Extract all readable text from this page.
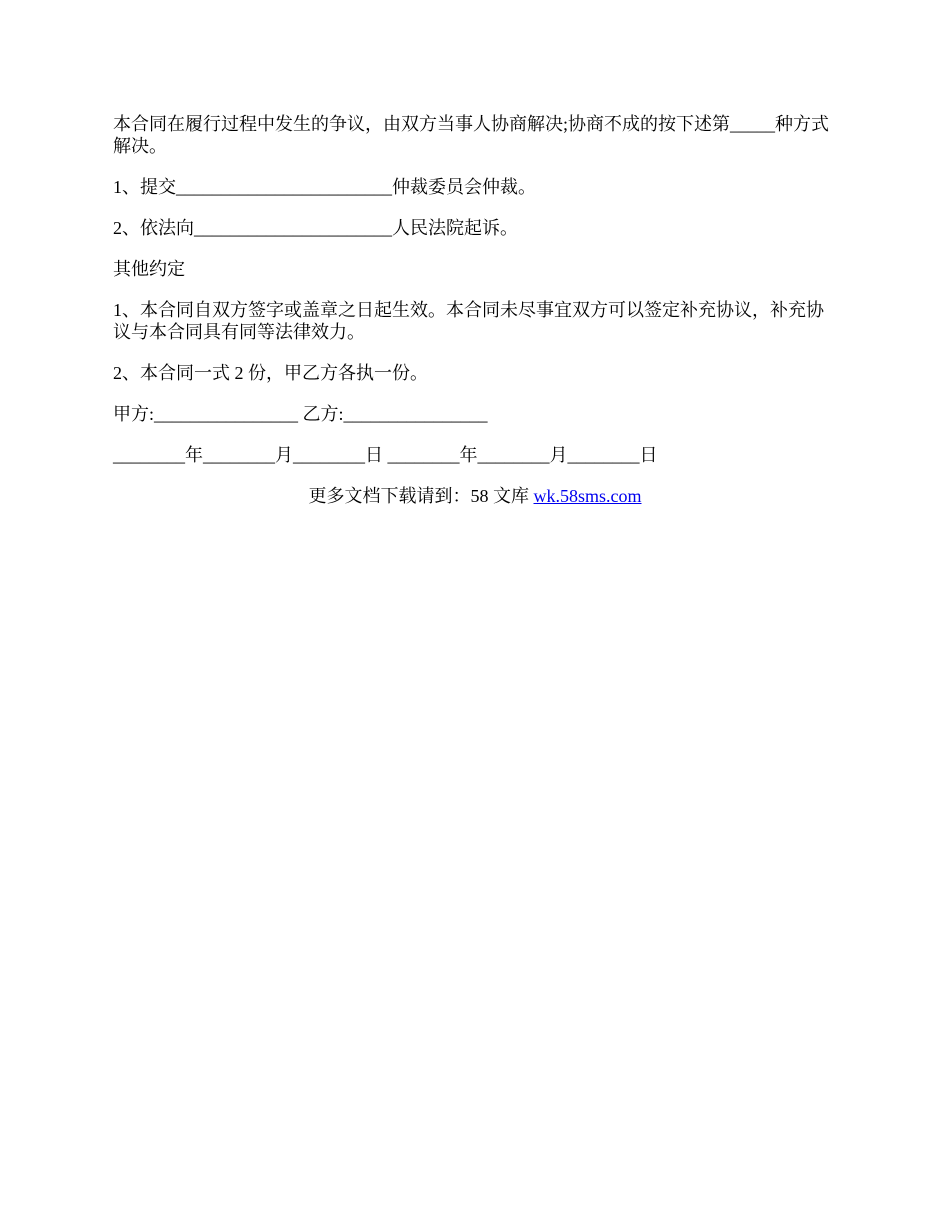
本合同在履行过程中发生的争议，由双方当事人协商解决;协商不成的按下述第_____种方式解决。

1、提交________________________仲裁委员会仲裁。

2、依法向______________________人民法院起诉。

其他约定

1、本合同自双方签字或盖章之日起生效。本合同未尽事宜双方可以签定补充协议，补充协议与本合同具有同等法律效力。

2、本合同一式 2 份，甲乙方各执一份。

甲方:________________ 乙方:________________

________年________月________日 ________年________月________日

更多文档下载请到：58 文库 wk.58sms.com
